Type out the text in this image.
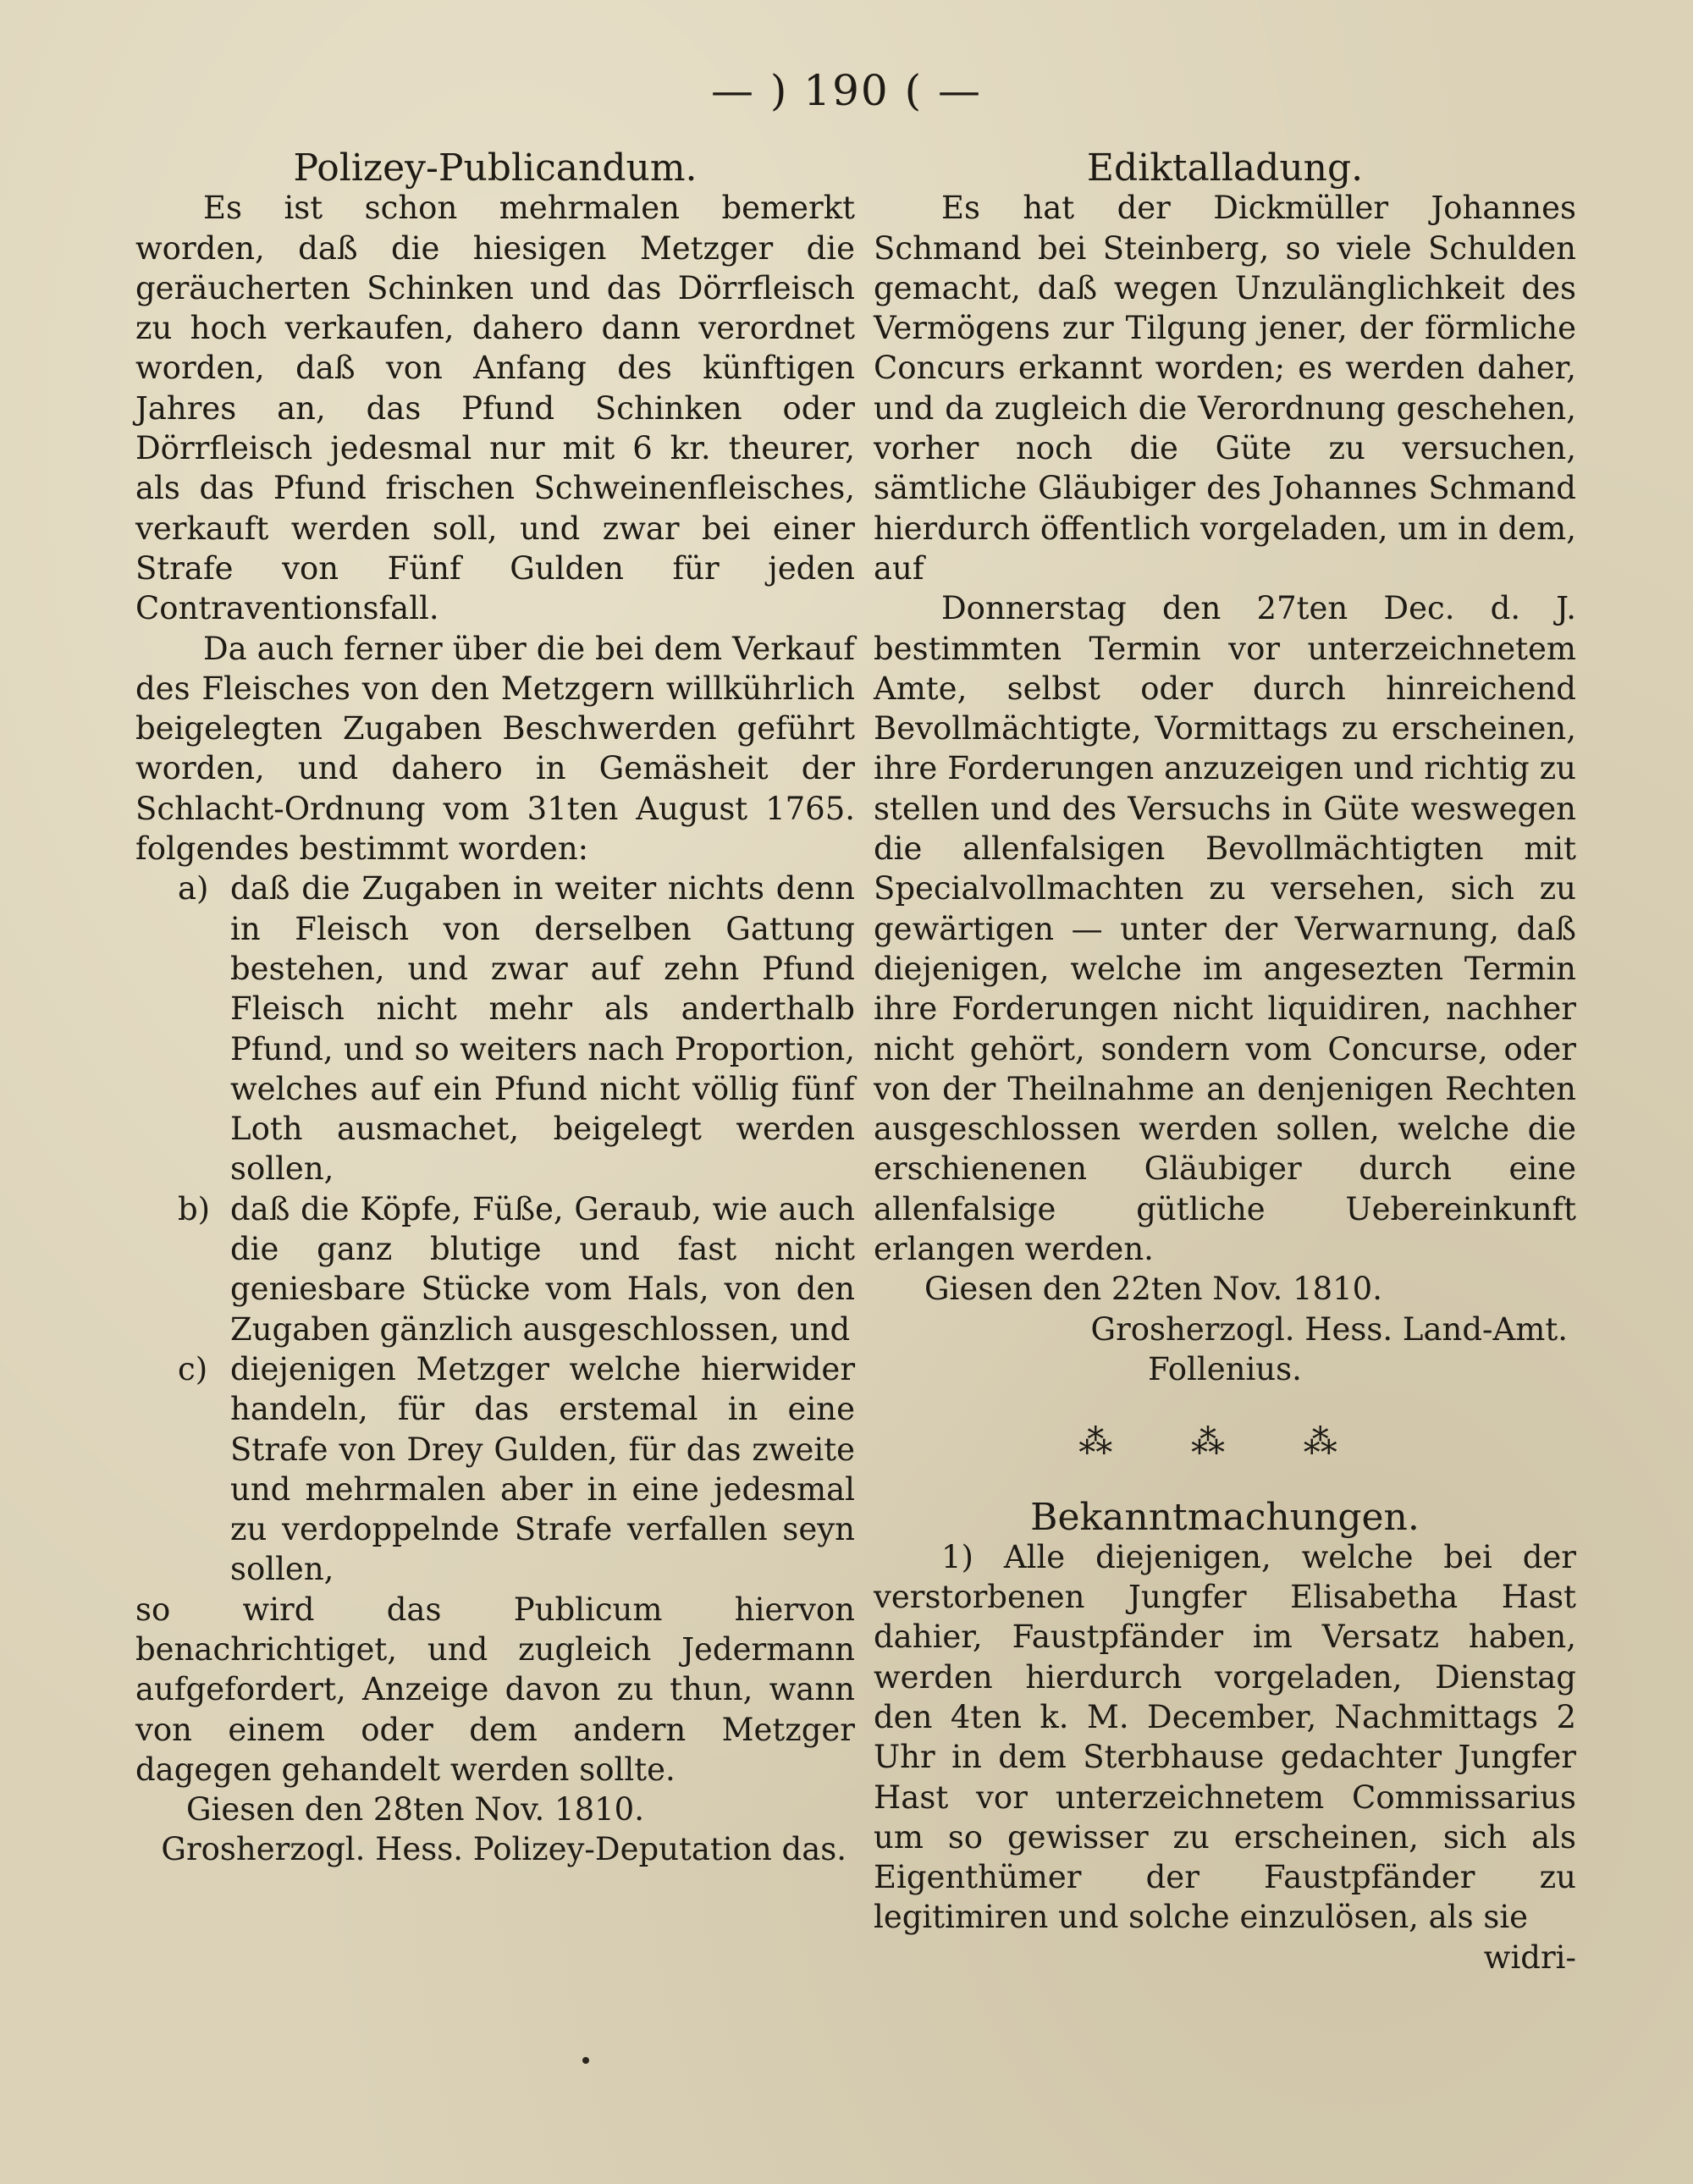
— ) 190 ( —

Polizey-Publicandum.

Es ist schon mehrmalen bemerkt worden, daß die hiesigen Metzger die geräucherten Schinken und das Dörrfleisch zu hoch verkaufen, dahero dann verordnet worden, daß von Anfang des künftigen Jahres an, das Pfund Schinken oder Dörrfleisch jedesmal nur mit 6 kr. theurer, als das Pfund frischen Schweinenfleisches, verkauft werden soll, und zwar bei einer Strafe von Fünf Gulden für jeden Contraventionsfall.

Da auch ferner über die bei dem Verkauf des Fleisches von den Metzgern willkührlich beigelegten Zugaben Beschwerden geführt worden, und dahero in Gemäsheit der Schlacht-Ordnung vom 31ten August 1765. folgendes bestimmt worden:

a) daß die Zugaben in weiter nichts denn in Fleisch von derselben Gattung bestehen, und zwar auf zehn Pfund Fleisch nicht mehr als anderthalb Pfund, und so weiters nach Proportion, welches auf ein Pfund nicht völlig fünf Loth ausmachet, beigelegt werden sollen,
b) daß die Köpfe, Füße, Geraub, wie auch die ganz blutige und fast nicht geniesbare Stücke vom Hals, von den Zugaben gänzlich ausgeschlossen, und
c) diejenigen Metzger welche hierwider handeln, für das erstemal in eine Strafe von Drey Gulden, für das zweite und mehrmalen aber in eine jedesmal zu verdoppelnde Strafe verfallen seyn sollen,

so wird das Publicum hiervon benachrichtiget, und zugleich Jedermann aufgefordert, Anzeige davon zu thun, wann von einem oder dem andern Metzger dagegen gehandelt werden sollte.

Giesen den 28ten Nov. 1810.

Grosherzogl. Hess. Polizey-Deputation das.

Ediktalladung.

Es hat der Dickmüller Johannes Schmand bei Steinberg, so viele Schulden gemacht, daß wegen Unzulänglichkeit des Vermögens zur Tilgung jener, der förmliche Concurs erkannt worden; es werden daher, und da zugleich die Verordnung geschehen, vorher noch die Güte zu versuchen, sämtliche Gläubiger des Johannes Schmand hierdurch öffentlich vorgeladen, um in dem, auf

Donnerstag den 27ten Dec. d. J. bestimmten Termin vor unterzeichnetem Amte, selbst oder durch hinreichend Bevollmächtigte, Vormittags zu erscheinen, ihre Forderungen anzuzeigen und richtig zu stellen und des Versuchs in Güte weswegen die allenfalsigen Bevollmächtigten mit Specialvollmachten zu versehen, sich zu gewärtigen — unter der Verwarnung, daß diejenigen, welche im angesezten Termin ihre Forderungen nicht liquidiren, nachher nicht gehört, sondern vom Concurse, oder von der Theilnahme an denjenigen Rechten ausgeschlossen werden sollen, welche die erschienenen Gläubiger durch eine allenfalsige gütliche Uebereinkunft erlangen werden.

Giesen den 22ten Nov. 1810.

Grosherzogl. Hess. Land-Amt.

Follenius.

⁂ ⁂ ⁂

Bekanntmachungen.

1) Alle diejenigen, welche bei der verstorbenen Jungfer Elisabetha Hast dahier, Faustpfänder im Versatz haben, werden hierdurch vorgeladen, Dienstag den 4ten k. M. December, Nachmittags 2 Uhr in dem Sterbhause gedachter Jungfer Hast vor unterzeichnetem Commissarius um so gewisser zu erscheinen, sich als Eigenthümer der Faustpfänder zu legitimiren und solche einzulösen, als sie

widri-
